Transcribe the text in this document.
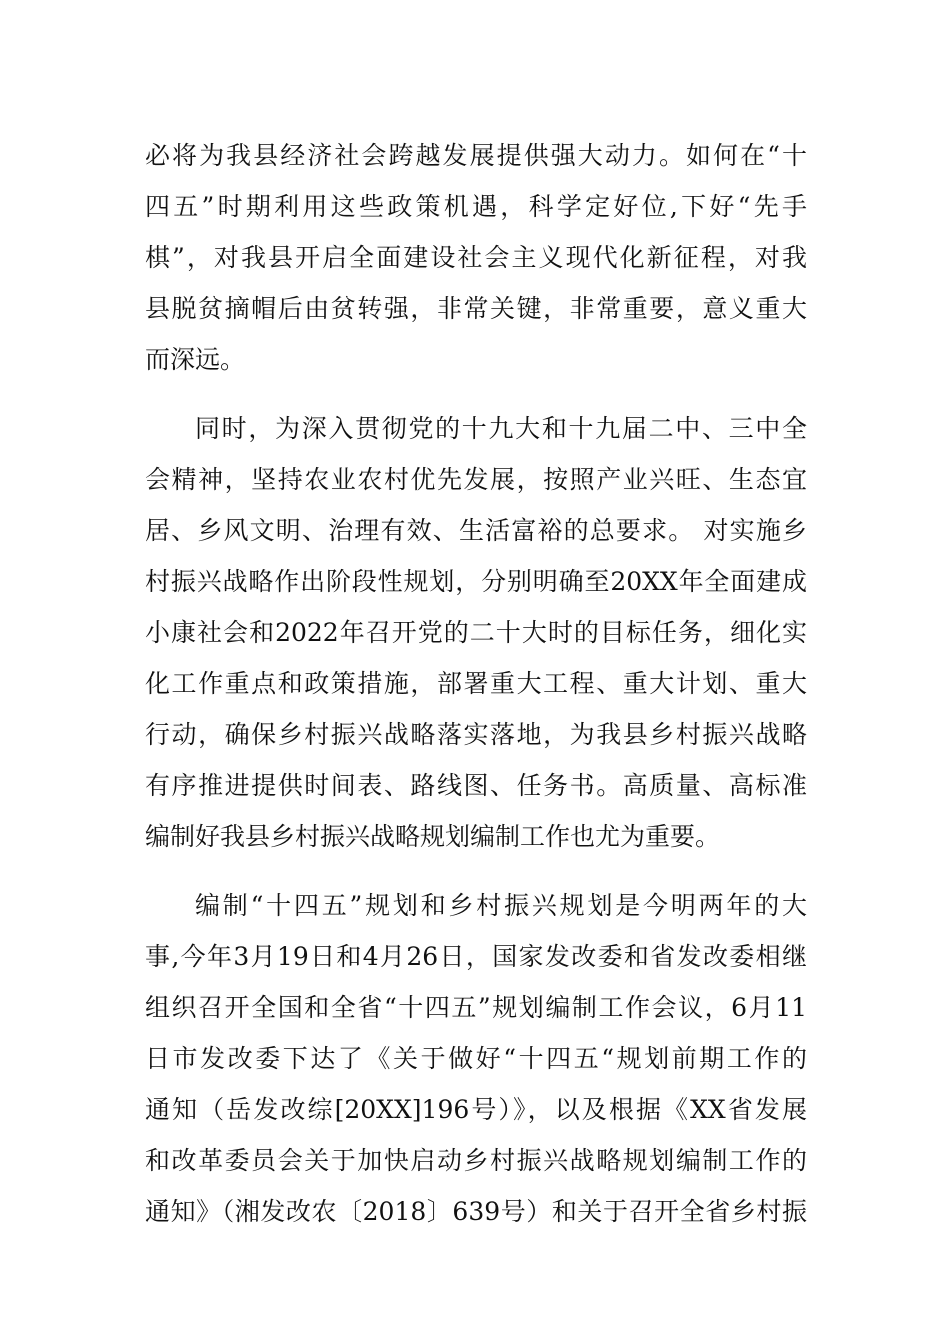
必将为我县经济社会跨越发展提供强大动力。如何在“十
四五”时期利用这些政策机遇，科学定好位,下好“先手
棋”，对我县开启全面建设社会主义现代化新征程，对我
县脱贫摘帽后由贫转强，非常关键，非常重要，意义重大
而深远。
同时，为深入贯彻党的十九大和十九届二中、三中全
会精神，坚持农业农村优先发展，按照产业兴旺、生态宜
居、乡风文明、治理有效、生活富裕的总要求。 对实施乡
村振兴战略作出阶段性规划，分别明确至20XX年全面建成
小康社会和2022年召开党的二十大时的目标任务，细化实
化工作重点和政策措施，部署重大工程、重大计划、重大
行动，确保乡村振兴战略落实落地，为我县乡村振兴战略
有序推进提供时间表、路线图、任务书。高质量、高标准
编制好我县乡村振兴战略规划编制工作也尤为重要。
编制“十四五”规划和乡村振兴规划是今明两年的大
事,今年3月19日和4月26日，国家发改委和省发改委相继
组织召开全国和全省“十四五”规划编制工作会议，6月11
日市发改委下达了《关于做好“十四五“规划前期工作的
通知（岳发改综[20XX]196号）》，以及根据《XX省发展
和改革委员会关于加快启动乡村振兴战略规划编制工作的
通知》（湘发改农〔2018〕639号）和关于召开全省乡村振
